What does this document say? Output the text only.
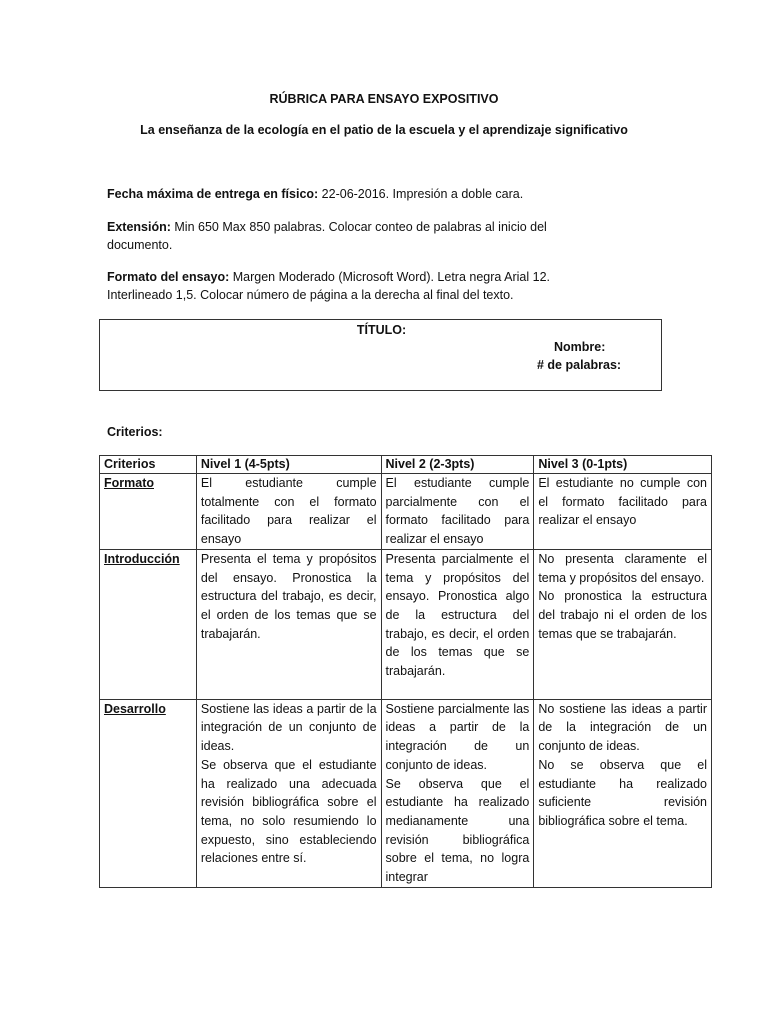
RÚBRICA PARA ENSAYO EXPOSITIVO
La enseñanza de la ecología en el patio de la escuela y el aprendizaje significativo
Fecha máxima de entrega en físico: 22-06-2016. Impresión a doble cara.
Extensión: Min 650 Max 850 palabras. Colocar conteo de palabras al inicio del documento.
Formato del ensayo: Margen Moderado (Microsoft Word). Letra negra Arial 12. Interlineado 1,5. Colocar número de página a la derecha al final del texto.
TÍTULO:
Nombre:
# de palabras:
Criterios:
Criterios	Nivel 1 (4-5pts)	Nivel 2 (2-3pts)	Nivel 3 (0-1pts)
Formato	El estudiante cumple totalmente con el formato facilitado para realizar el ensayo	El estudiante cumple parcialmente con el formato facilitado para realizar el ensayo	El estudiante no cumple con el formato facilitado para realizar el ensayo
Introducción	Presenta el tema y propósitos del ensayo. Pronostica la estructura del trabajo, es decir, el orden de los temas que se trabajarán.	Presenta parcialmente el tema y propósitos del ensayo. Pronostica algo de la estructura del trabajo, es decir, el orden de los temas que se trabajarán.	No presenta claramente el tema y propósitos del ensayo.
No pronostica la estructura del trabajo ni el orden de los temas que se trabajarán.

Desarrollo	Sostiene las ideas a partir de la integración de un conjunto de ideas.
Se observa que el estudiante ha realizado una adecuada revisión bibliográfica sobre el tema, no solo resumiendo lo expuesto, sino estableciendo relaciones entre sí.	Sostiene parcialmente las ideas a partir de la integración de un conjunto de ideas.
Se observa que el estudiante ha realizado medianamente una revisión bibliográfica sobre el tema, no logra integrar	No sostiene las ideas a partir de la integración de un conjunto de ideas.
No se observa que el estudiante ha realizado suficiente revisión bibliográfica sobre el tema.
